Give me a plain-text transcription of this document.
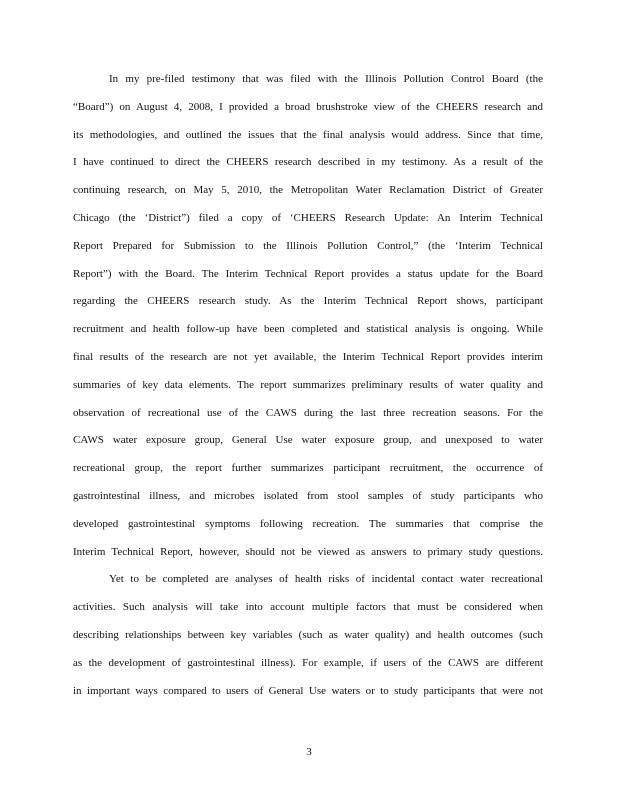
In my pre-filed testimony that was filed with the Illinois Pollution Control Board (the
“Board”) on August 4, 2008, I provided a broad brushstroke view of the CHEERS research and
its methodologies, and outlined the issues that the final analysis would address. Since that time,
I have continued to direct the CHEERS research described in my testimony. As a result of the
continuing research, on May 5, 2010, the Metropolitan Water Reclamation District of Greater
Chicago (the ‘District”) filed a copy of ‘CHEERS Research Update: An Interim Technical
Report Prepared for Submission to the Illinois Pollution Control,” (the ‘Interim Technical
Report”) with the Board. The Interim Technical Report provides a status update for the Board
regarding the CHEERS research study. As the Interim Technical Report shows, participant
recruitment and health follow-up have been completed and statistical analysis is ongoing. While
final results of the research are not yet available, the Interim Technical Report provides interim
summaries of key data elements. The report summarizes preliminary results of water quality and
observation of recreational use of the CAWS during the last three recreation seasons. For the
CAWS water exposure group, General Use water exposure group, and unexposed to water
recreational group, the report further summarizes participant recruitment, the occurrence of
gastrointestinal illness, and microbes isolated from stool samples of study participants who
developed gastrointestinal symptoms following recreation. The summaries that comprise the
Interim Technical Report, however, should not be viewed as answers to primary study questions.
Yet to be completed are analyses of health risks of incidental contact water recreational
activities. Such analysis will take into account multiple factors that must be considered when
describing relationships between key variables (such as water quality) and health outcomes (such
as the development of gastrointestinal illness). For example, if users of the CAWS are different
in important ways compared to users of General Use waters or to study participants that were not
3
